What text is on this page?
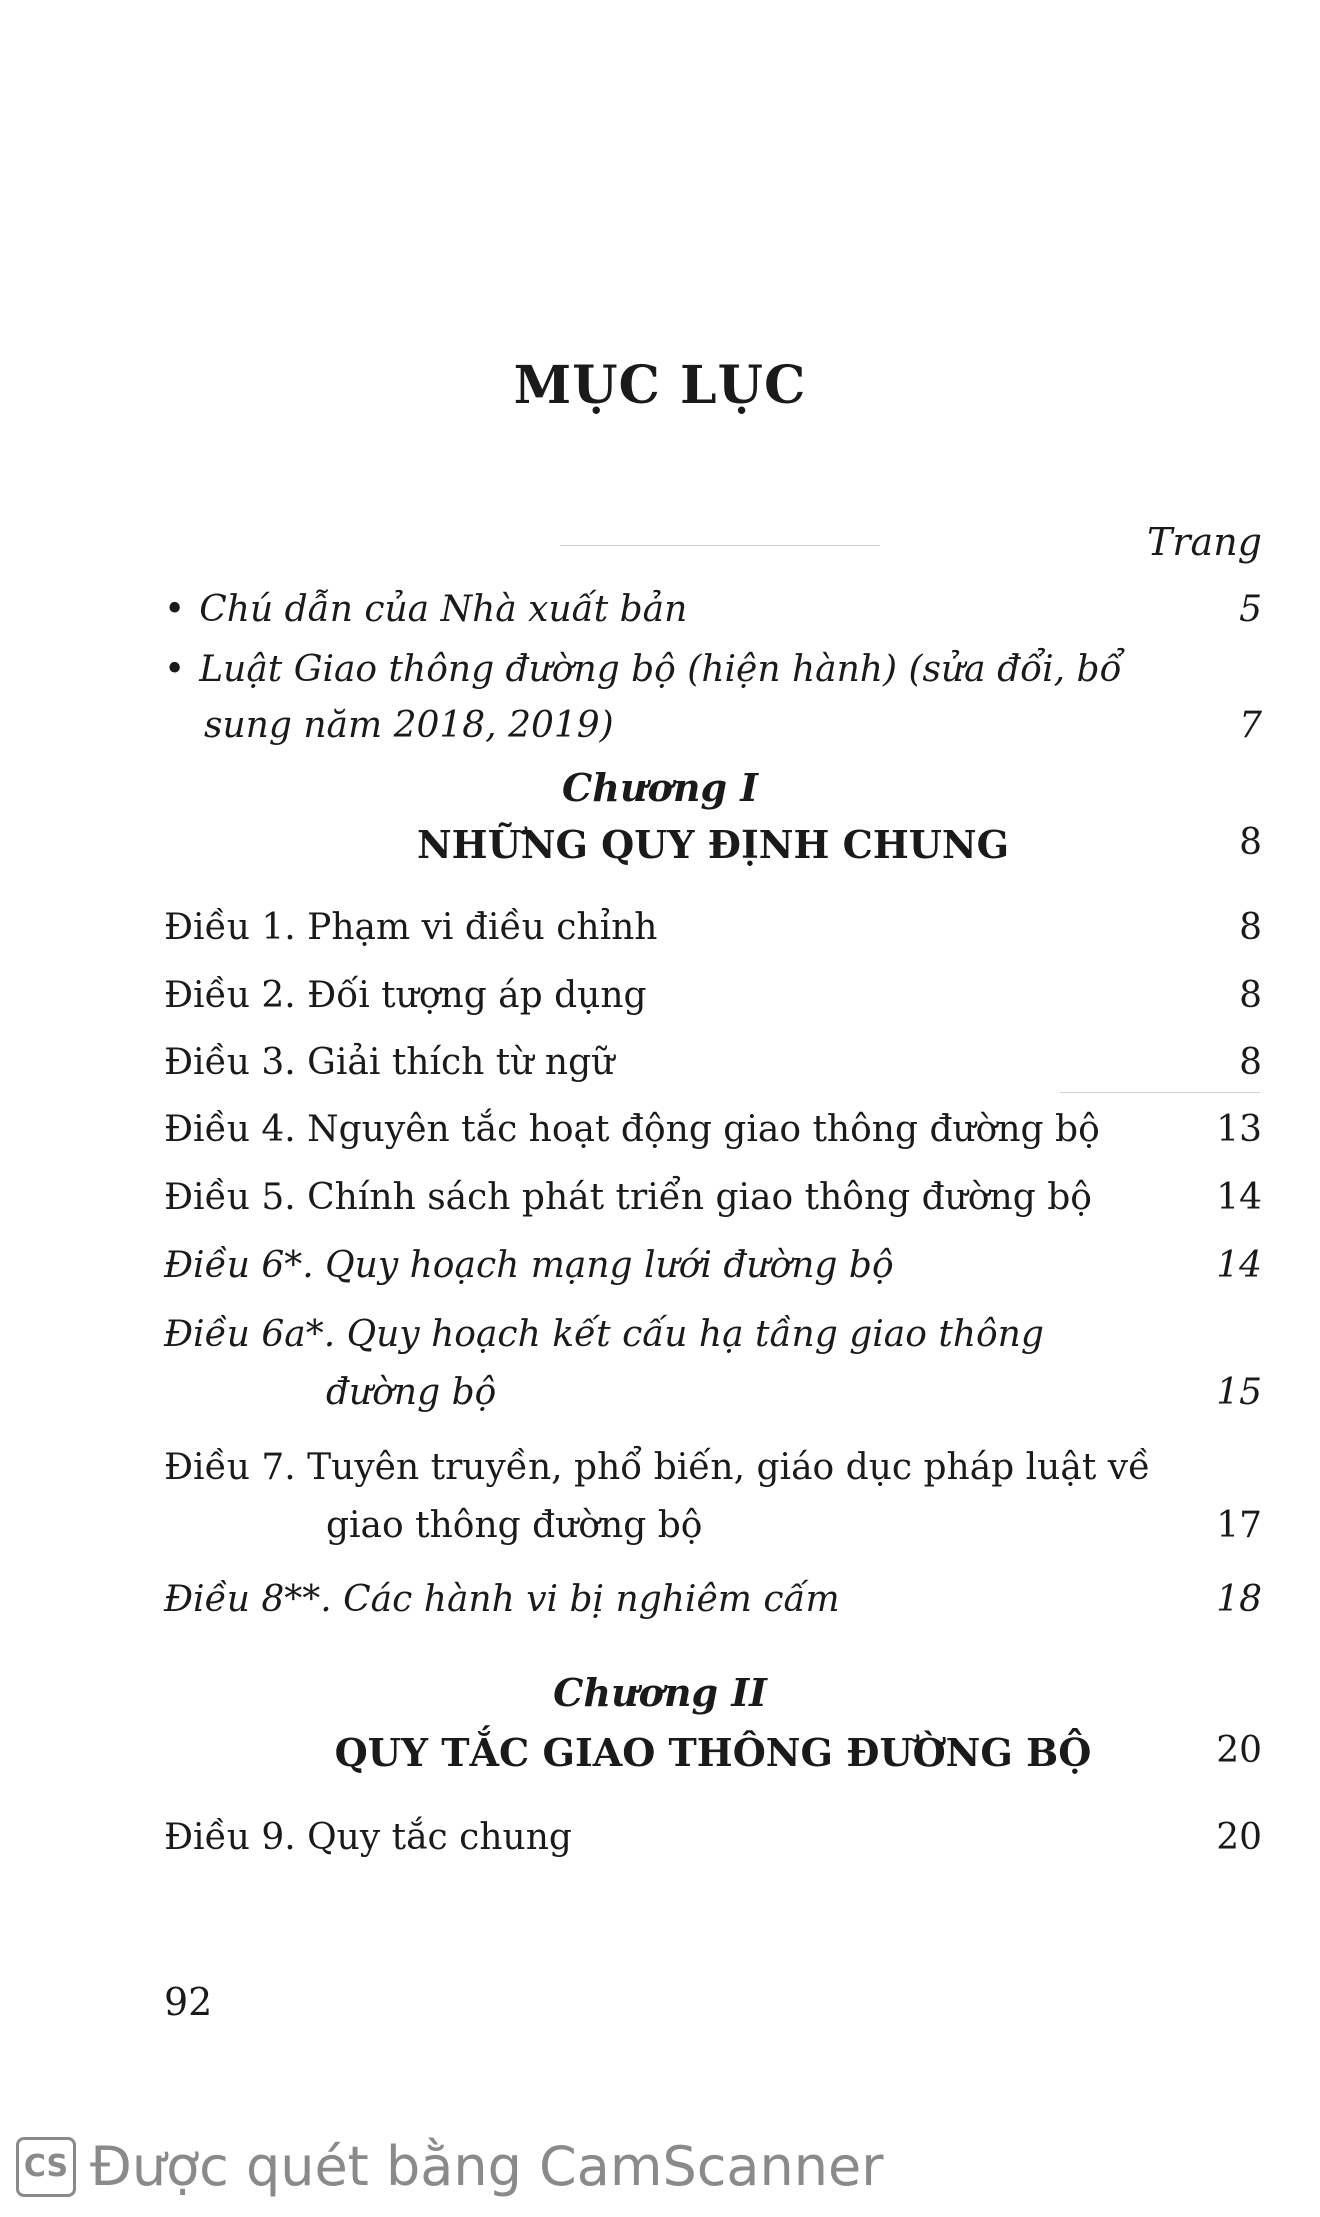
MỤC LỤC
Trang
• Chú dẫn của Nhà xuất bản	5
• Luật Giao thông đường bộ (hiện hành) (sửa đổi, bổ
sung năm 2018, 2019)	7
Chương I
NHỮNG QUY ĐỊNH CHUNG	8
Điều 1. Phạm vi điều chỉnh	8
Điều 2. Đối tượng áp dụng	8
Điều 3. Giải thích từ ngữ	8
Điều 4. Nguyên tắc hoạt động giao thông đường bộ	13
Điều 5. Chính sách phát triển giao thông đường bộ	14
Điều 6*. Quy hoạch mạng lưới đường bộ	14
Điều 6a*. Quy hoạch kết cấu hạ tầng giao thông
đường bộ	15
Điều 7. Tuyên truyền, phổ biến, giáo dục pháp luật về
giao thông đường bộ	17
Điều 8**. Các hành vi bị nghiêm cấm	18
Chương II
QUY TẮC GIAO THÔNG ĐƯỜNG BỘ	20
Điều 9. Quy tắc chung	20
92
CS Được quét bằng CamScanner
